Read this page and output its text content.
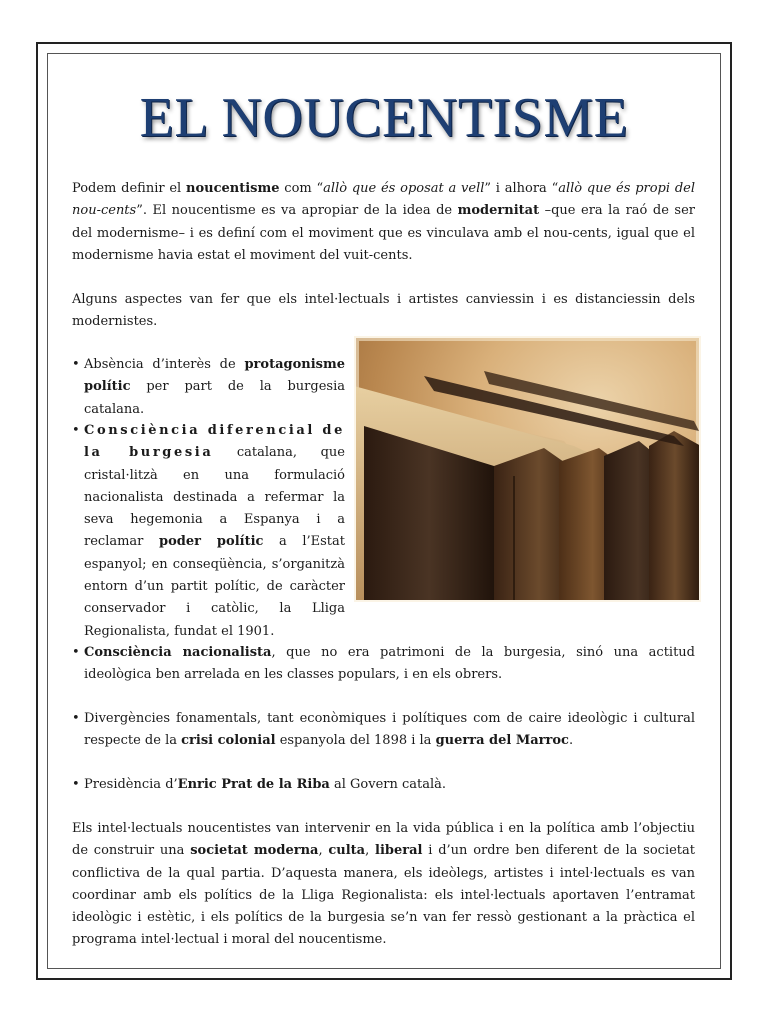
EL NOUCENTISME

Podem definir el noucentisme com “allò que és oposat a vell” i alhora “allò que és propi del nou-cents”. El noucentisme es va apropiar de la idea de modernitat –que era la raó de ser del modernisme– i es definí com el moviment que es vinculava amb el nou-cents, igual que el modernisme havia estat el moviment del vuit-cents.

Alguns aspectes van fer que els intel·lectuals i artistes canviessin i es distanciessin dels modernistes.

• Absència d’interès de protagonisme polític per part de la burgesia catalana.
• Consciència diferencial de la burgesia catalana, que cristal·litzà en una formulació nacionalista destinada a refermar la seva hegemonia a Espanya i a reclamar poder polític a l’Estat espanyol; en conseqüència, s’organitzà entorn d’un partit polític, de caràcter conservador i catòlic, la Lliga Regionalista, fundat el 1901.
• Consciència nacionalista, que no era patrimoni de la burgesia, sinó una actitud ideològica ben arrelada en les classes populars, i en els obrers.
• Divergències fonamentals, tant econòmiques i polítiques com de caire ideològic i cultural respecte de la crisi colonial espanyola del 1898 i la guerra del Marroc.
• Presidència d’Enric Prat de la Riba al Govern català.

Els intel·lectuals noucentistes van intervenir en la vida pública i en la política amb l’objectiu de construir una societat moderna, culta, liberal i d’un ordre ben diferent de la societat conflictiva de la qual partia. D’aquesta manera, els ideòlegs, artistes i intel·lectuals es van coordinar amb els polítics de la Lliga Regionalista: els intel·lectuals aportaven l’entramat ideològic i estètic, i els polítics de la burgesia se’n van fer ressò gestionant a la pràctica el programa intel·lectual i moral del noucentisme.
